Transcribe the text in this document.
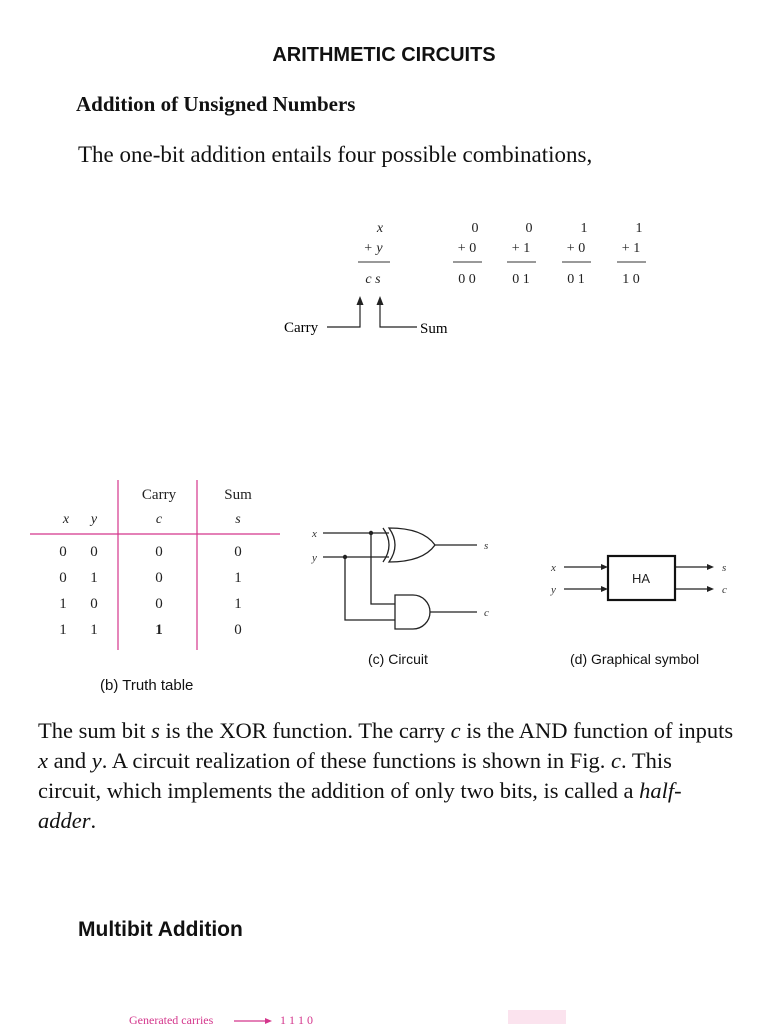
ARITHMETIC CIRCUITS
Addition of Unsigned Numbers
The one-bit addition entails four possible combinations,
x
+ y
c s
0
+ 0
0 0
0
+ 1
0 1
1
+ 0
0 1
1
+ 1
1 0
Carry	Sum
Carry	Sum
x y	c	s
0 0	0	0
0 1	0	1
1 0	0	1
1 1	1	0
(b) Truth table
x
y
s
c
(c) Circuit
HA
x
y
s
c
(d) Graphical symbol
The sum bit s is the XOR function. The carry c is the AND function of inputs x and y. A circuit realization of these functions is shown in Fig. c. This circuit, which implements the addition of only two bits, is called a half-adder.
Multibit Addition
Generated carries	1 1 1 0
